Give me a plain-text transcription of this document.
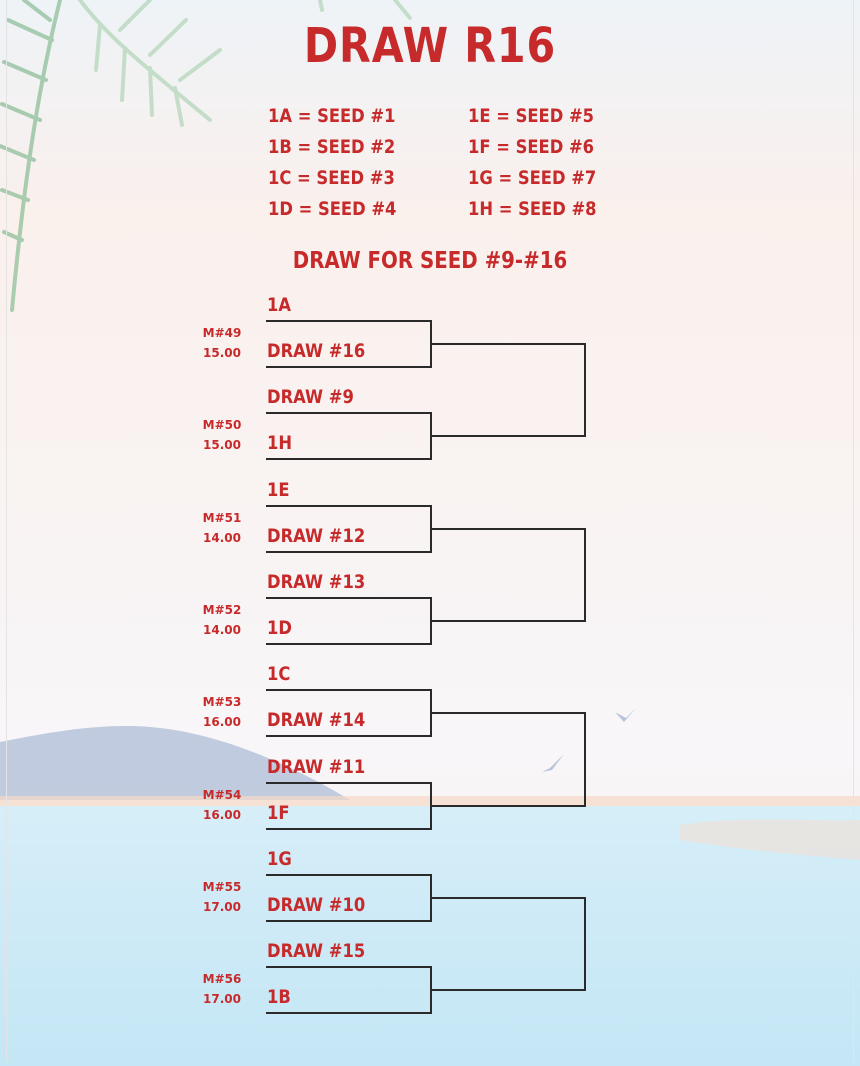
DRAW R16
1A = SEED #1
1B = SEED #2
1C = SEED #3
1D = SEED #4
1E = SEED #5
1F = SEED #6
1G = SEED #7
1H = SEED #8
DRAW FOR SEED #9-#16
1A
DRAW #16
M#49
15.00
DRAW #9
1H
M#50
15.00
1E
DRAW #12
M#51
14.00
DRAW #13
1D
M#52
14.00
1C
DRAW #14
M#53
16.00
DRAW #11
1F
M#54
16.00
1G
DRAW #10
M#55
17.00
DRAW #15
1B
M#56
17.00
